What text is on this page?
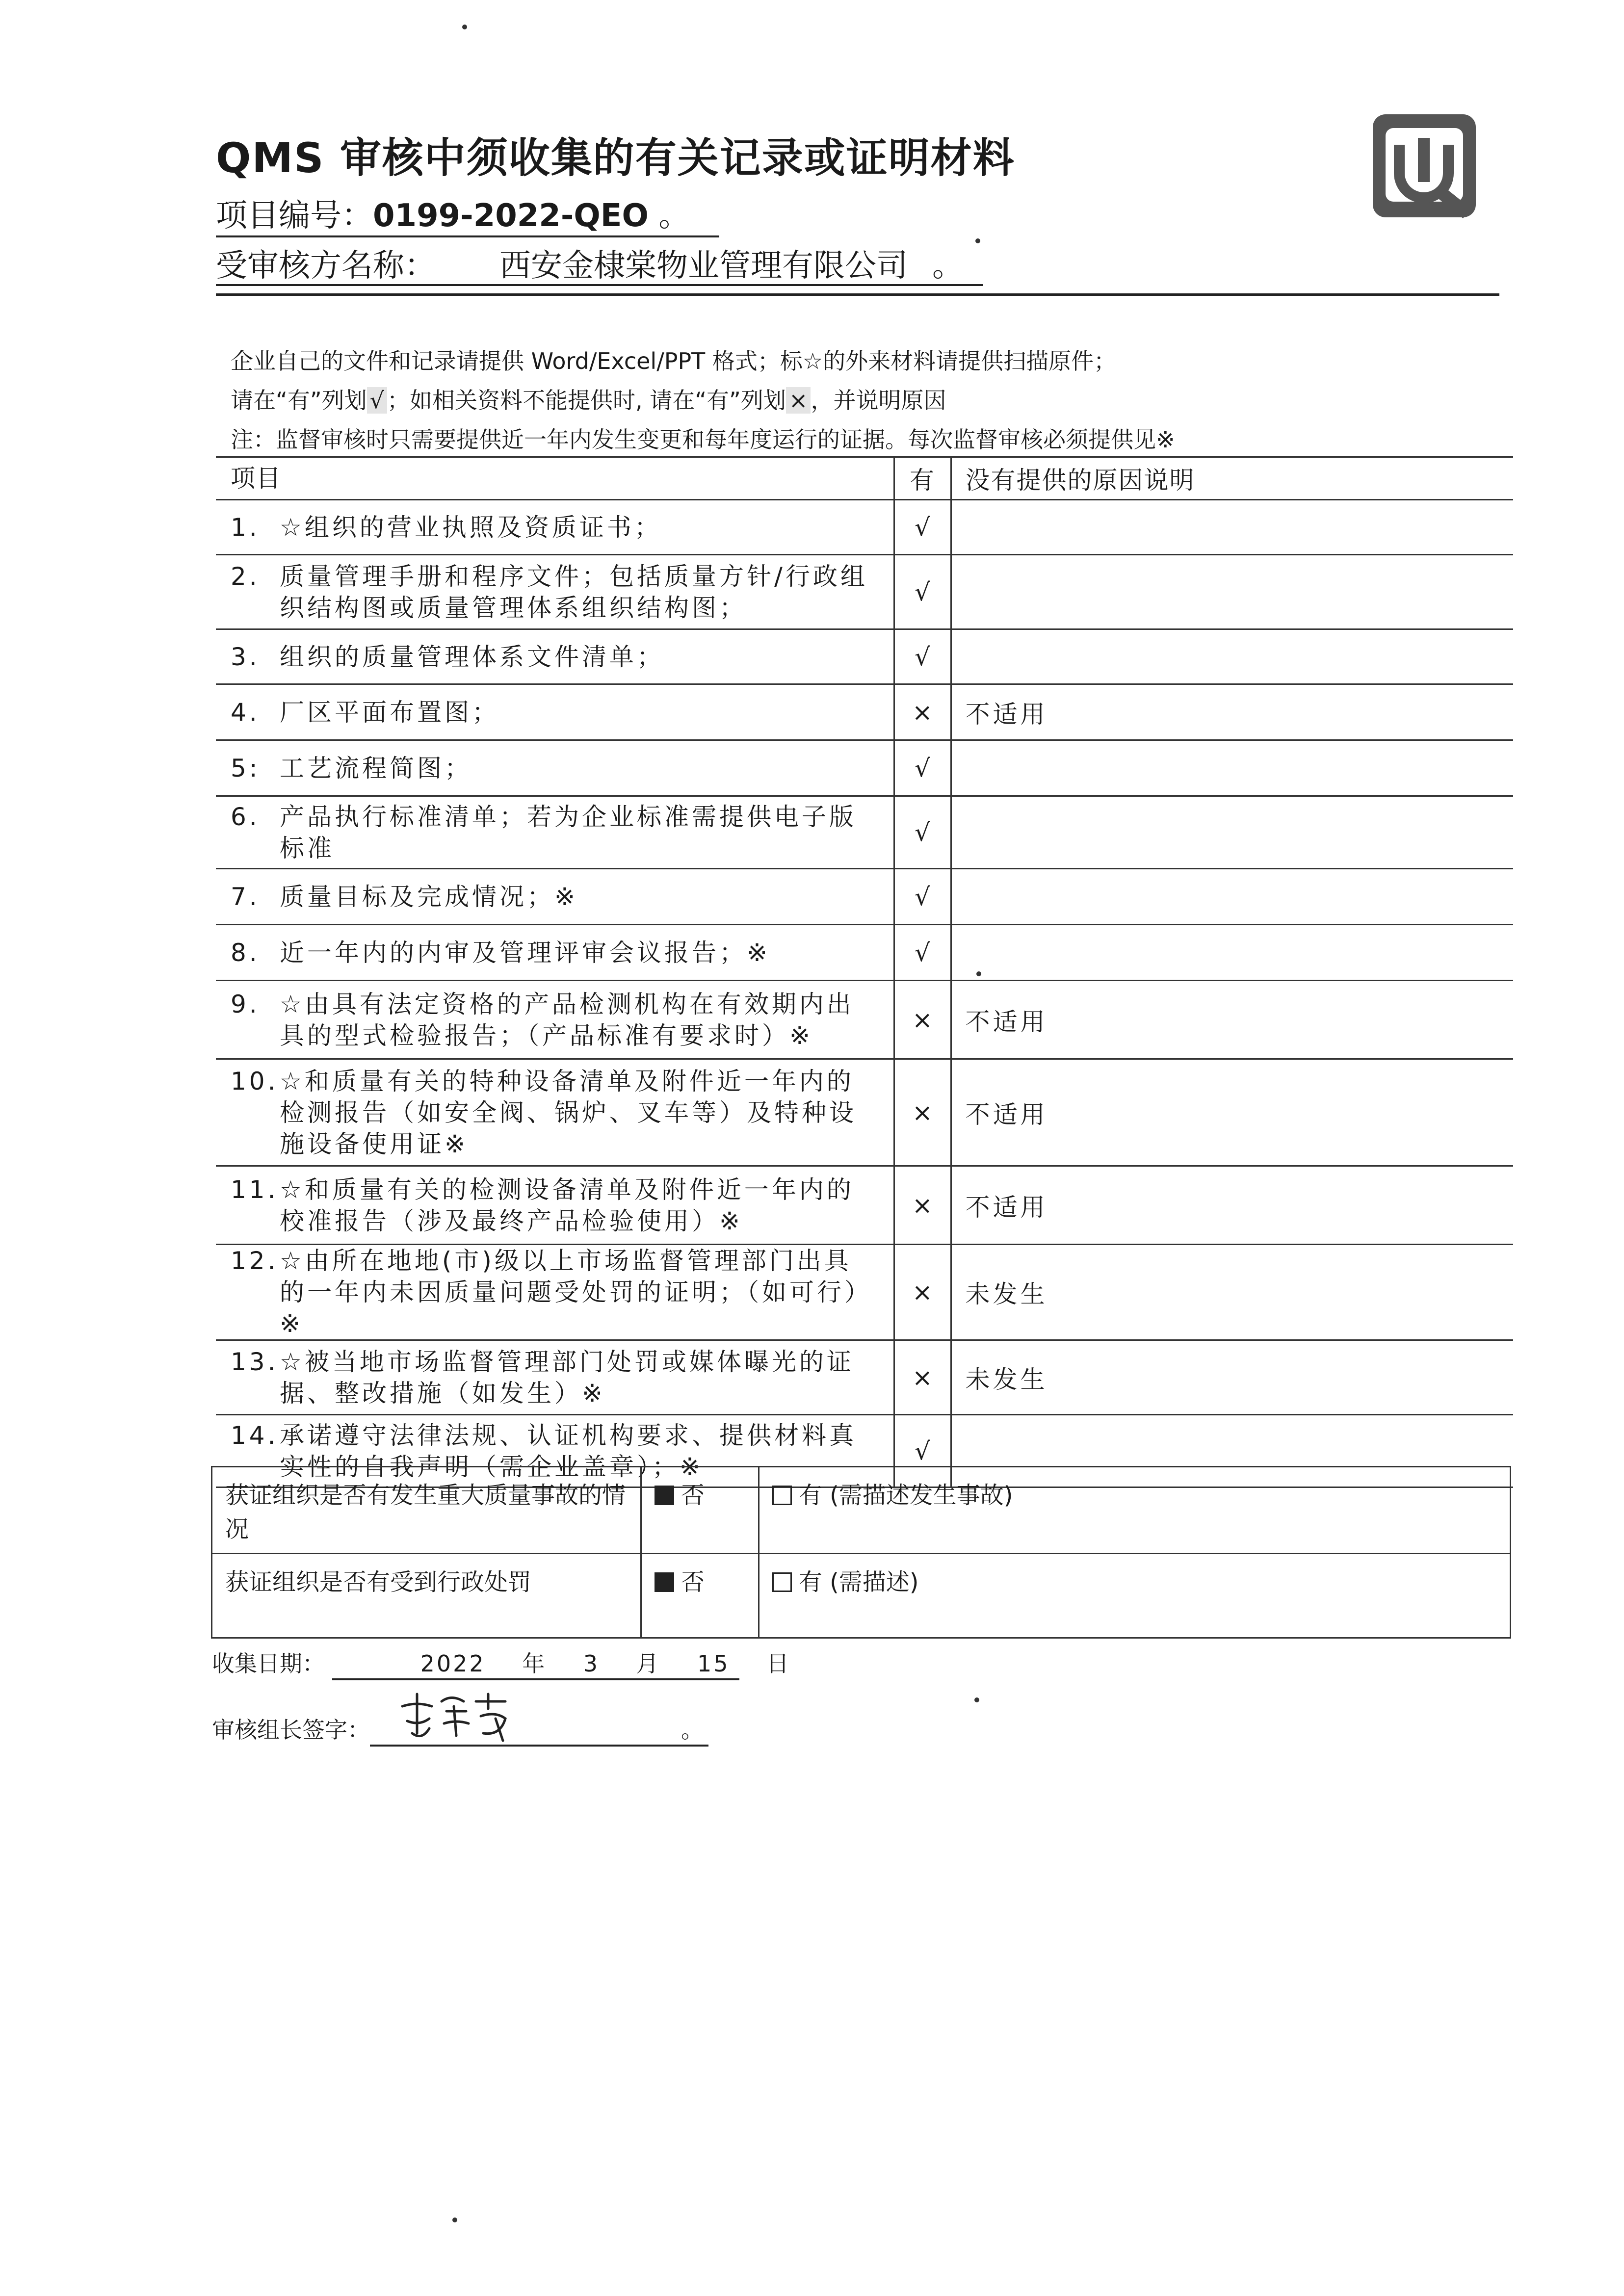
QMS 审核中须收集的有关记录或证明材料
项目编号：0199-2022-QEO 。
受审核方名称： 西安金棣棠物业管理有限公司 。
企业自己的文件和记录请提供 Word/Excel/PPT 格式；标☆的外来材料请提供扫描原件；
请在“有”列划 √ ；如相关资料不能提供时, 请在“有”列划 × ，并说明原因
注：监督审核时只需要提供近一年内发生变更和每年度运行的证据。每次监督审核必须提供见※
项目	有	没有提供的原因说明

1. ☆组织的营业执照及资质证书；	√	

2. 质量管理手册和程序文件；包括质量方针/行政组织结构图或质量管理体系组织结构图；	√	

3. 组织的质量管理体系文件清单；	√	

4. 厂区平面布置图；	×	不适用

5: 工艺流程简图；	√	

6. 产品执行标准清单；若为企业标准需提供电子版标准	√	

7. 质量目标及完成情况；※	√	

8. 近一年内的内审及管理评审会议报告；※	√	

9. ☆由具有法定资格的产品检测机构在有效期内出具的型式检验报告；（产品标准有要求时）※	×	不适用

10. ☆和质量有关的特种设备清单及附件近一年内的检测报告（如安全阀、锅炉、叉车等）及特种设施设备使用证※	×	不适用

11. ☆和质量有关的检测设备清单及附件近一年内的校准报告（涉及最终产品检验使用）※	×	不适用

12. ☆由所在地地(市)级以上市场监督管理部门出具的一年内未因质量问题受处罚的证明；（如可行）※	×	未发生

13. ☆被当地市场监督管理部门处罚或媒体曝光的证据、整改措施（如发生）※	×	未发生

14. 承诺遵守法律法规、认证机构要求、提供材料真实性的自我声明（需企业盖章）；※	√	
获证组织是否有发生重大质量事故的情况	否	有 (需描述发生事故)
获证组织是否有受到行政处罚	否	有 (需描述)
收集日期：	2022 年 3 月 15 日
审核组长签字：	。
